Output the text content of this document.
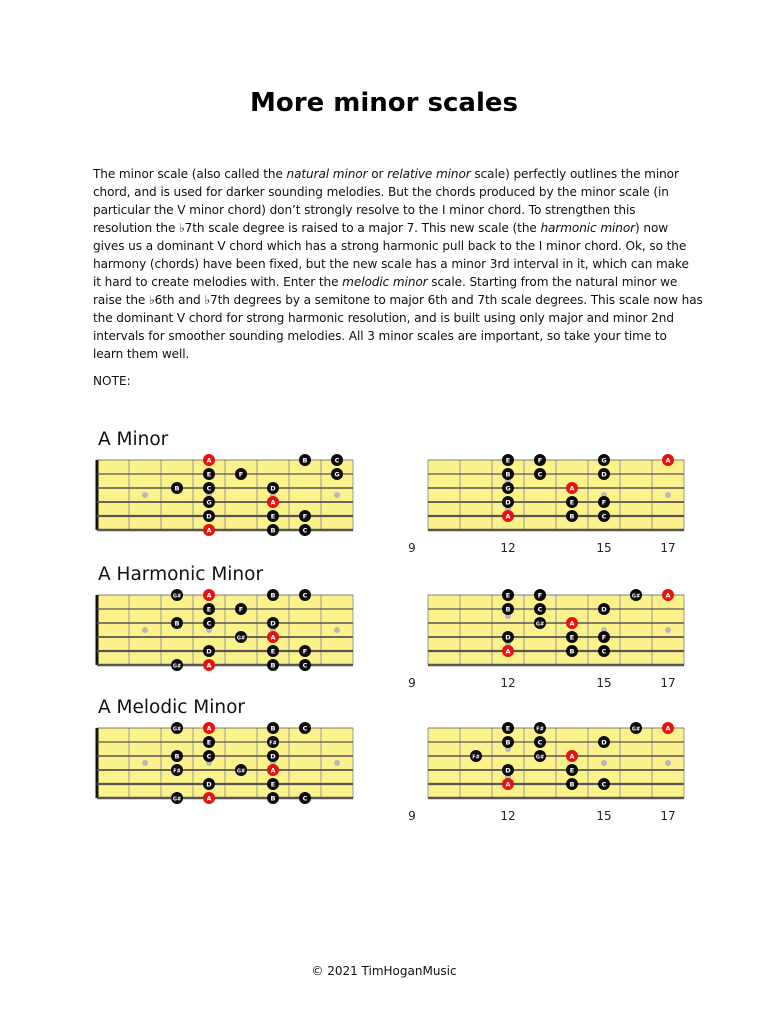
More minor scales
The minor scale (also called the natural minor or relative minor scale) perfectly outlines the minor
chord, and is used for darker sounding melodies. But the chords produced by the minor scale (in
particular the V minor chord) don’t strongly resolve to the I minor chord. To strengthen this
resolution the ♭7th scale degree is raised to a major 7. This new scale (the harmonic minor) now
gives us a dominant V chord which has a strong harmonic pull back to the I minor chord. Ok, so the
harmony (chords) have been fixed, but the new scale has a minor 3rd interval in it, which can make
it hard to create melodies with. Enter the melodic minor scale. Starting from the natural minor we
raise the ♭6th and ♭7th degrees by a semitone to major 6th and 7th scale degrees. This scale now has
the dominant V chord for strong harmonic resolution, and is built using only major and minor 2nd
intervals for smoother sounding melodies. All 3 minor scales are important, so take your time to
learn them well.
NOTE:
A Minor
A	B	C
E	F	G
B	C	D
G	A
D	E	F
A	B	C
E	F	G	A
B	C	D
G	A
D	E	F
A	B	C
9	12	15	17
A Harmonic Minor
G#	A	B	C
E	F
B	C	D
G#	A
D	E	F
G#	A	B	C
E	F	G#	A
B	C	D
G#	A
D	E	F
A	B	C
9	12	15	17
A Melodic Minor
G#	A	B	C
E	F#
B	C	D
F#	G#	A
D	E
G#	A	B	C
E	F#	G#	A
B	C	D
F#	G#	A
D	E
A	B	C
9	12	15	17
© 2021 TimHoganMusic
